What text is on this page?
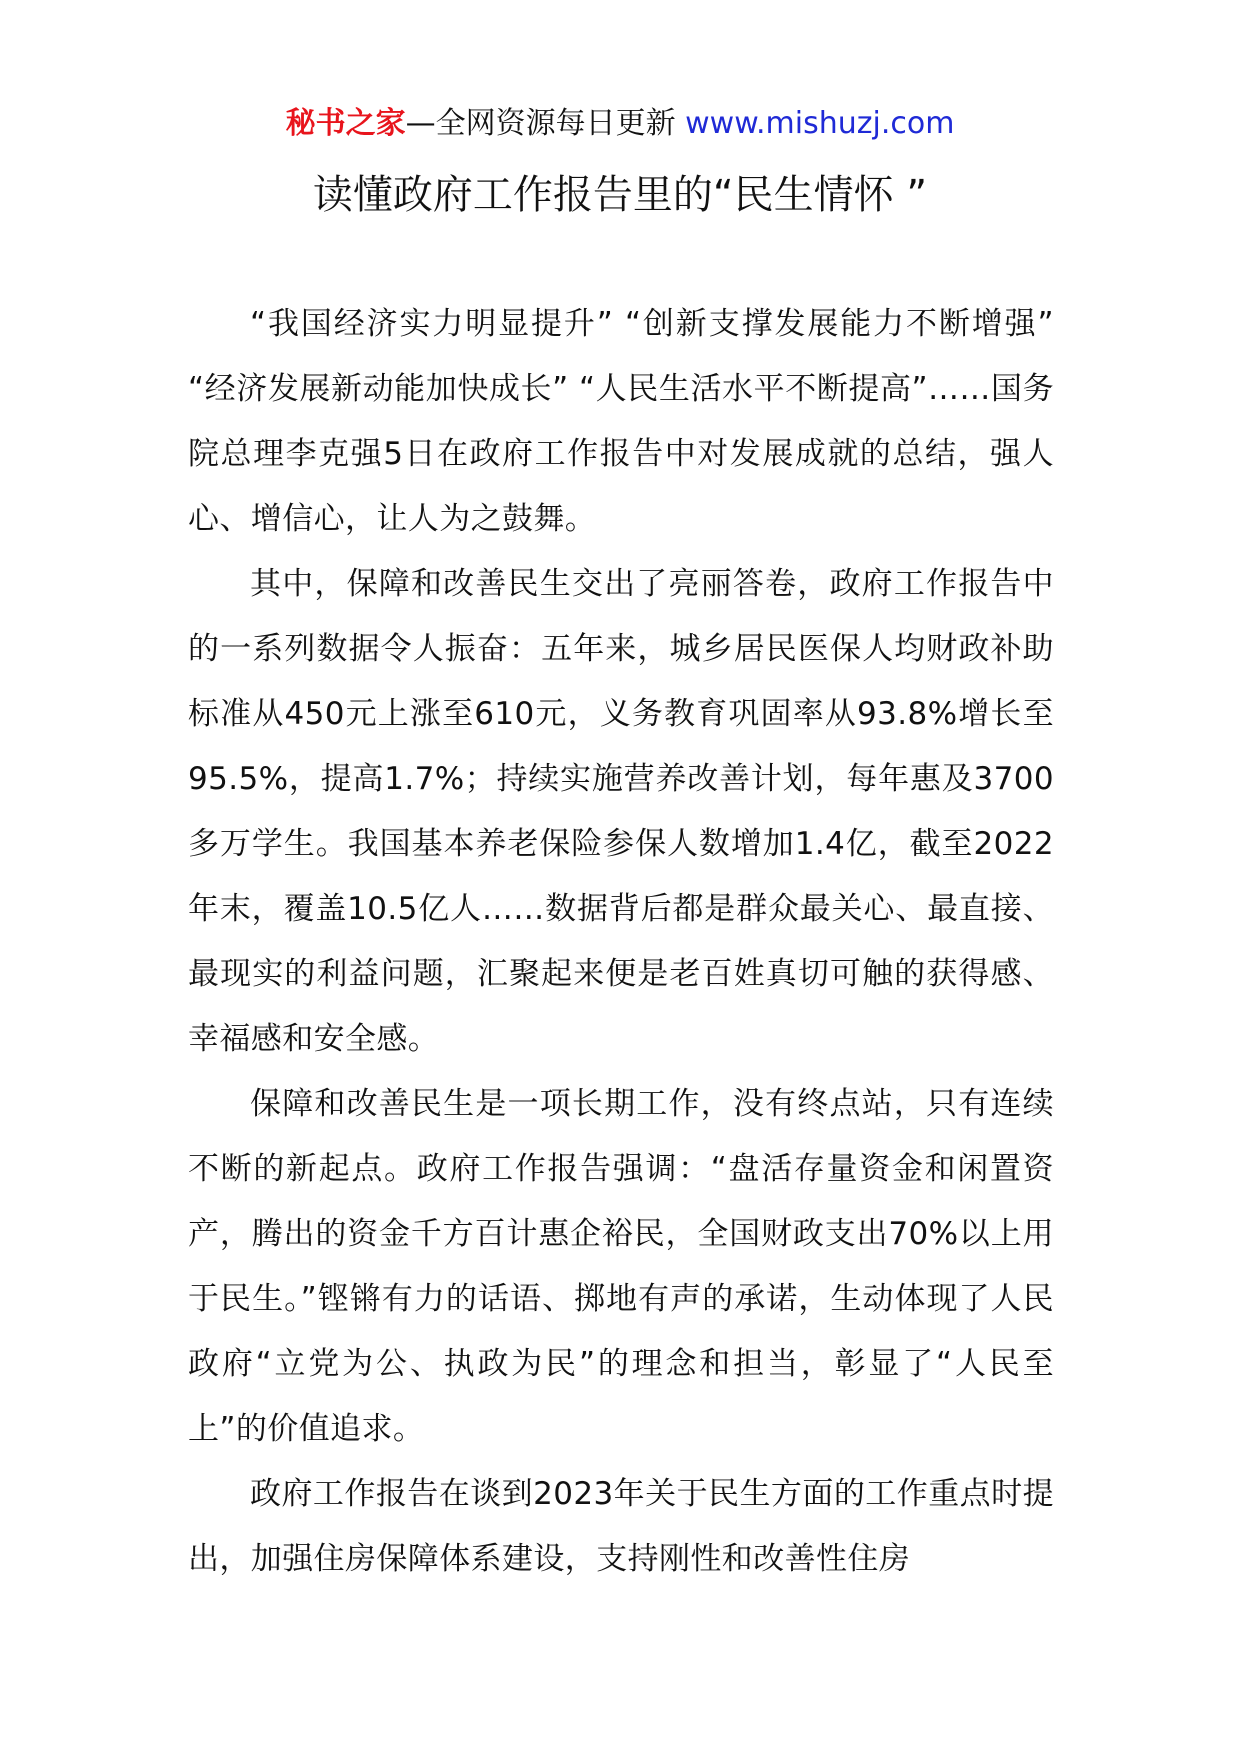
秘书之家—全网资源每日更新 www.mishuzj.com
读懂政府工作报告里的“民生情怀 ”

“我国经济实力明显提升” “创新支撑发展能力不断增强” “经济发展新动能加快成长” “人民生活水平不断提高”……国务院总理李克强5日在政府工作报告中对发展成就的总结，强人心、增信心，让人为之鼓舞。

其中，保障和改善民生交出了亮丽答卷，政府工作报告中的一系列数据令人振奋：五年来，城乡居民医保人均财政补助标准从450元上涨至610元，义务教育巩固率从93.8%增长至95.5%，提高1.7%；持续实施营养改善计划，每年惠及3700多万学生。我国基本养老保险参保人数增加1.4亿，截至2022年末，覆盖10.5亿人……数据背后都是群众最关心、最直接、最现实的利益问题，汇聚起来便是老百姓真切可触的获得感、幸福感和安全感。

保障和改善民生是一项长期工作，没有终点站，只有连续不断的新起点。政府工作报告强调：“盘活存量资金和闲置资产，腾出的资金千方百计惠企裕民，全国财政支出70%以上用于民生。”铿锵有力的话语、掷地有声的承诺，生动体现了人民政府“立党为公、执政为民”的理念和担当，彰显了“人民至上”的价值追求。

政府工作报告在谈到2023年关于民生方面的工作重点时提出，加强住房保障体系建设，支持刚性和改善性住房
